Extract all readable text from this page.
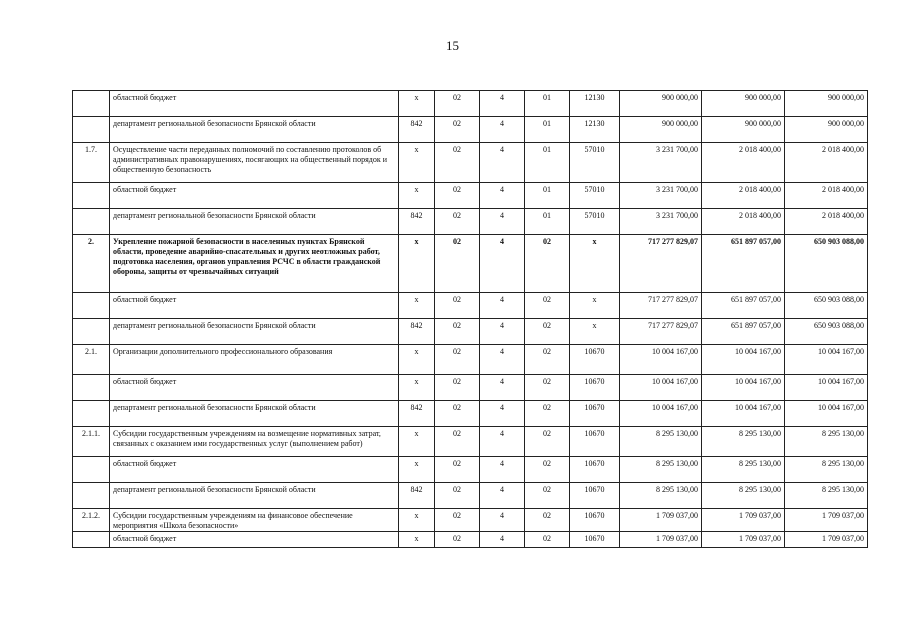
15
	областной бюджет	х	02	4	01	12130	900 000,00	900 000,00	900 000,00
	департамент региональной безопасности Брянской области	842	02	4	01	12130	900 000,00	900 000,00	900 000,00
1.7.	Осуществление части переданных полномочий по составлению протоколов об административных правонарушениях, посягающих на общественный порядок и общественную безопасность	х	02	4	01	57010	3 231 700,00	2 018 400,00	2 018 400,00
	областной бюджет	х	02	4	01	57010	3 231 700,00	2 018 400,00	2 018 400,00
	департамент региональной безопасности Брянской области	842	02	4	01	57010	3 231 700,00	2 018 400,00	2 018 400,00
2.	Укрепление пожарной безопасности в населенных пунктах Брянской области, проведение аварийно-спасательных и других неотложных работ, подготовка населения, органов управления РСЧС в области гражданской обороны, защиты от чрезвычайных ситуаций	х	02	4	02	х	717 277 829,07	651 897 057,00	650 903 088,00
	областной бюджет	х	02	4	02	х	717 277 829,07	651 897 057,00	650 903 088,00
	департамент региональной безопасности Брянской области	842	02	4	02	х	717 277 829,07	651 897 057,00	650 903 088,00
2.1.	Организации дополнительного профессионального образования	х	02	4	02	10670	10 004 167,00	10 004 167,00	10 004 167,00
	областной бюджет	х	02	4	02	10670	10 004 167,00	10 004 167,00	10 004 167,00
	департамент региональной безопасности Брянской области	842	02	4	02	10670	10 004 167,00	10 004 167,00	10 004 167,00
2.1.1.	Субсидии государственным учреждениям на возмещение нормативных затрат, связанных с оказанием ими государственных услуг (выполнением работ)	х	02	4	02	10670	8 295 130,00	8 295 130,00	8 295 130,00
	областной бюджет	х	02	4	02	10670	8 295 130,00	8 295 130,00	8 295 130,00
	департамент региональной безопасности Брянской области	842	02	4	02	10670	8 295 130,00	8 295 130,00	8 295 130,00
2.1.2.	Субсидии государственным учреждениям на финансовое обеспечение мероприятия «Школа безопасности»	х	02	4	02	10670	1 709 037,00	1 709 037,00	1 709 037,00
	областной бюджет	х	02	4	02	10670	1 709 037,00	1 709 037,00	1 709 037,00
